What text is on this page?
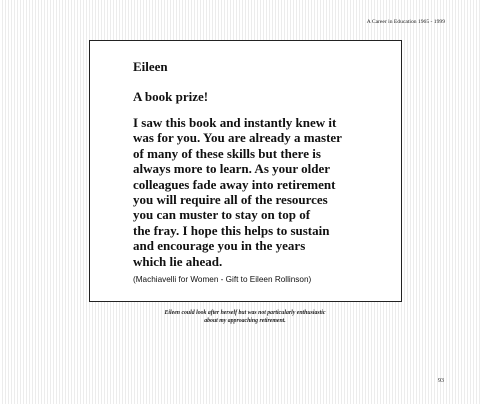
A Career in Education 1965 - 1999
Eileen
A book prize!
I saw this book and instantly knew it
was for you. You are already a master
of many of these skills but there is
always more to learn. As your older
colleagues fade away into retirement
you will require all of the resources
you can muster to stay on top of
the fray. I hope this helps to sustain
and encourage you in the years
which lie ahead.
(Machiavelli for Women - Gift to Eileen Rollinson)
Eileen could look after herself but was not particularly enthusiastic
about my approaching retirement.
93
